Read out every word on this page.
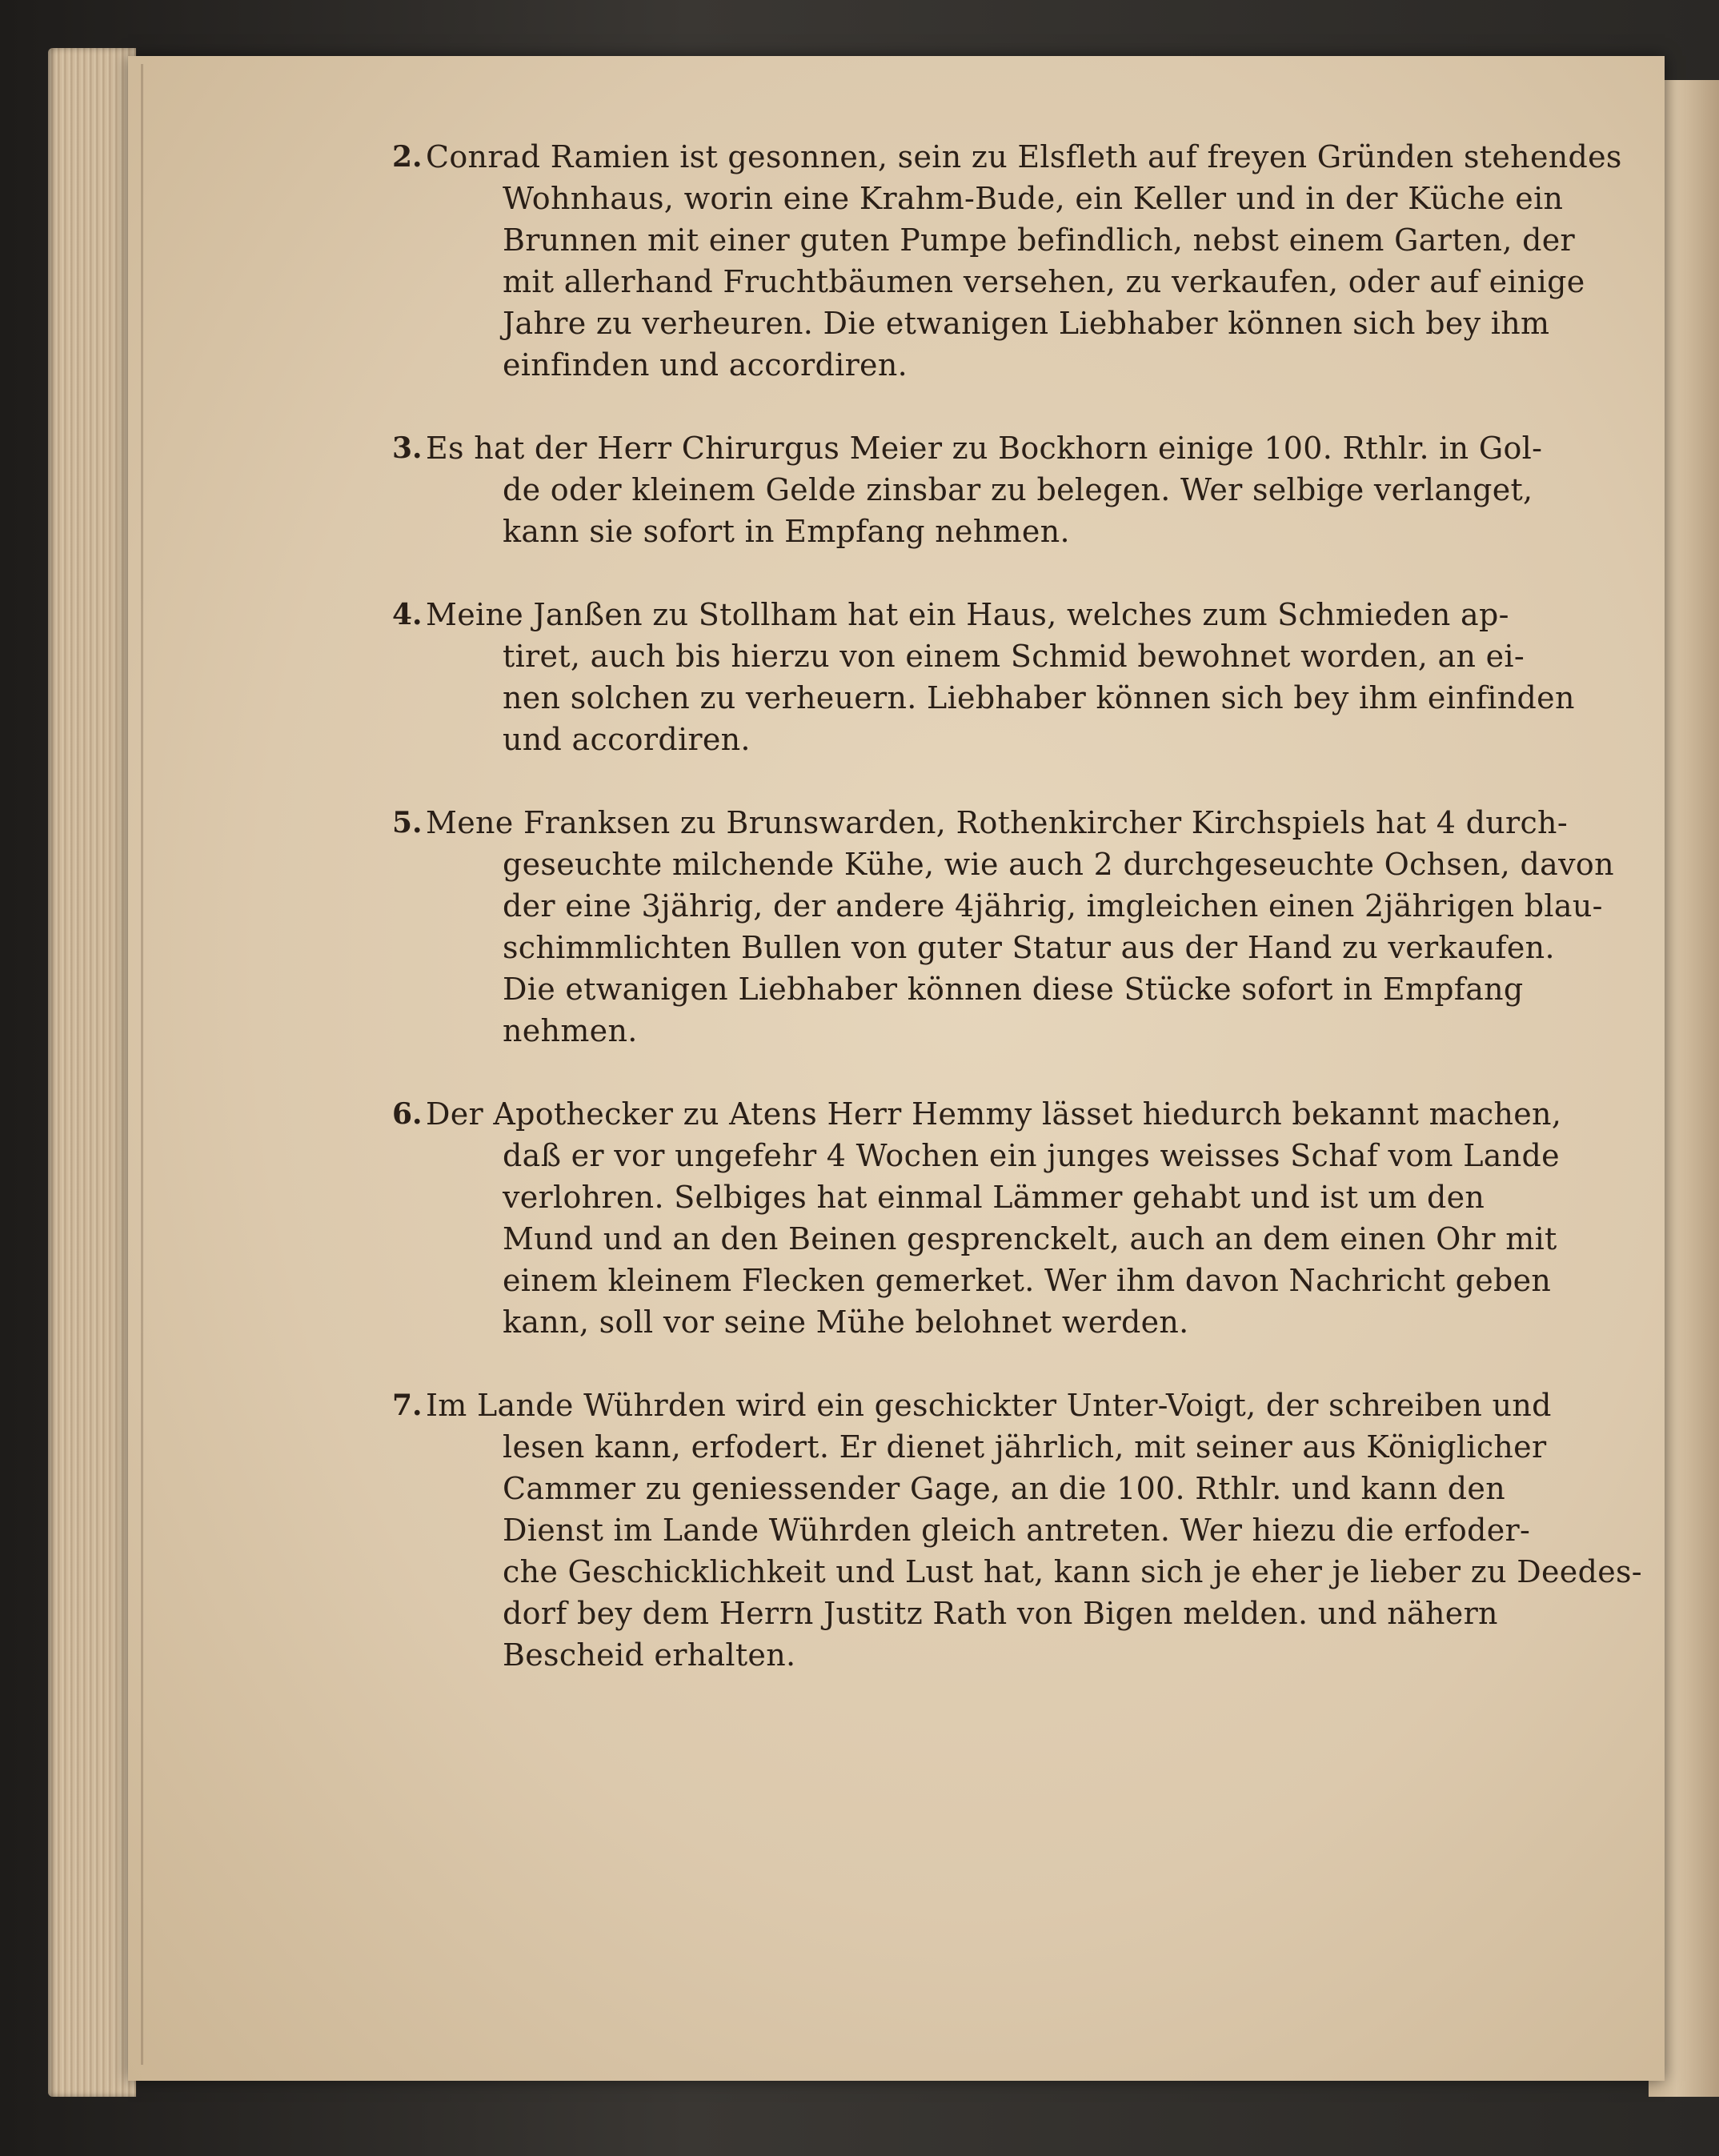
2. Conrad Ramien ist gesonnen, sein zu Elsfleth auf freyen Gründen stehendes
Wohnhaus, worin eine Krahm-Bude, ein Keller und in der Küche ein
Brunnen mit einer guten Pumpe befindlich, nebst einem Garten, der
mit allerhand Fruchtbäumen versehen, zu verkaufen, oder auf einige
Jahre zu verheuren. Die etwanigen Liebhaber können sich bey ihm
einfinden und accordiren.
3. Es hat der Herr Chirurgus Meier zu Bockhorn einige 100. Rthlr. in Gol-
de oder kleinem Gelde zinsbar zu belegen. Wer selbige verlanget,
kann sie sofort in Empfang nehmen.
4. Meine Janßen zu Stollham hat ein Haus, welches zum Schmieden ap-
tiret, auch bis hierzu von einem Schmid bewohnet worden, an ei-
nen solchen zu verheuern. Liebhaber können sich bey ihm einfinden
und accordiren.
5. Mene Franksen zu Brunswarden, Rothenkircher Kirchspiels hat 4 durch-
geseuchte milchende Kühe, wie auch 2 durchgeseuchte Ochsen, davon
der eine 3jährig, der andere 4jährig, imgleichen einen 2jährigen blau-
schimmlichten Bullen von guter Statur aus der Hand zu verkaufen.
Die etwanigen Liebhaber können diese Stücke sofort in Empfang
nehmen.
6. Der Apothecker zu Atens Herr Hemmy lässet hiedurch bekannt machen,
daß er vor ungefehr 4 Wochen ein junges weisses Schaf vom Lande
verlohren. Selbiges hat einmal Lämmer gehabt und ist um den
Mund und an den Beinen gesprenckelt, auch an dem einen Ohr mit
einem kleinem Flecken gemerket. Wer ihm davon Nachricht geben
kann, soll vor seine Mühe belohnet werden.
7. Im Lande Wührden wird ein geschickter Unter-Voigt, der schreiben und
lesen kann, erfodert. Er dienet jährlich, mit seiner aus Königlicher
Cammer zu geniessender Gage, an die 100. Rthlr. und kann den
Dienst im Lande Wührden gleich antreten. Wer hiezu die erfoder-
che Geschicklichkeit und Lust hat, kann sich je eher je lieber zu Deedes-
dorf bey dem Herrn Justitz Rath von Bigen melden. und nähern
Bescheid erhalten.
